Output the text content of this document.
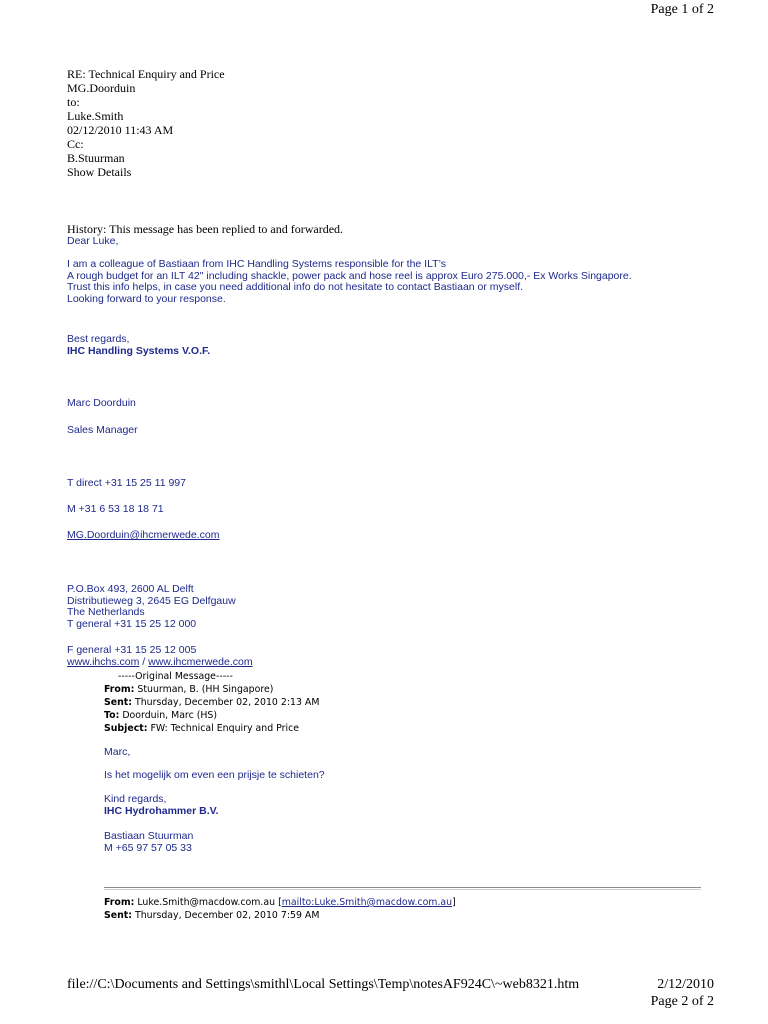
Page 1 of 2
RE: Technical Enquiry and Price
MG.Doorduin
to:
Luke.Smith
02/12/2010 11:43 AM
Cc:
B.Stuurman
Show Details
History: This message has been replied to and forwarded.
Dear Luke,
I am a colleague of Bastiaan from IHC Handling Systems responsible for the ILT’s
A rough budget for an ILT 42" including shackle, power pack and hose reel is approx Euro 275.000,- Ex Works Singapore.
Trust this info helps, in case you need additional info do not hesitate to contact Bastiaan or myself.
Looking forward to your response.
Best regards,
IHC Handling Systems V.O.F.
Marc Doorduin
Sales Manager
T direct +31 15 25 11 997
M +31 6 53 18 18 71
MG.Doorduin@ihcmerwede.com
P.O.Box 493, 2600 AL Delft
Distributieweg 3, 2645 EG Delfgauw
The Netherlands
T general +31 15 25 12 000
F general +31 15 25 12 005
www.ihchs.com / www.ihcmerwede.com
-----Original Message-----
From: Stuurman, B. (HH Singapore)
Sent: Thursday, December 02, 2010 2:13 AM
To: Doorduin, Marc (HS)
Subject: FW: Technical Enquiry and Price
Marc,
Is het mogelijk om even een prijsje te schieten?
Kind regards,
IHC Hydrohammer B.V.
Bastiaan Stuurman
M +65 97 57 05 33
From: Luke.Smith@macdow.com.au [mailto:Luke.Smith@macdow.com.au]
Sent: Thursday, December 02, 2010 7:59 AM
file://C:\Documents and Settings\smithl\Local Settings\Temp\notesAF924C\~web8321.htm	2/12/2010
Page 2 of 2
